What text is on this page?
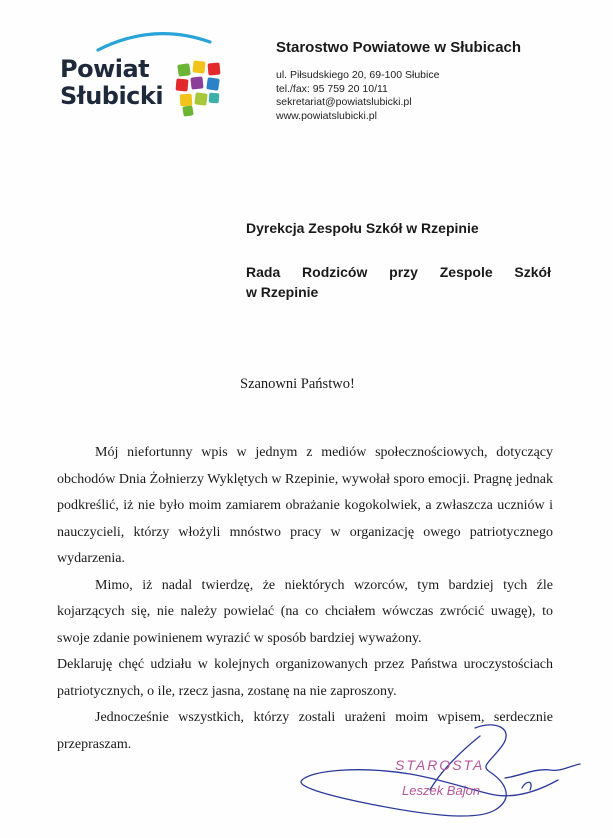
Powiat
Słubicki
Starostwo Powiatowe w Słubicach
ul. Piłsudskiego 20, 69-100 Słubice
tel./fax: 95 759 20 10/11
sekretariat@powiatslubicki.pl
www.powiatslubicki.pl
Dyrekcja Zespołu Szkół w Rzepinie
Rada Rodziców przy Zespole Szkół
w Rzepinie
Szanowni Państwo!

Mój niefortunny wpis w jednym z mediów społecznościowych, dotyczący obchodów Dnia Żołnierzy Wyklętych w Rzepinie, wywołał sporo emocji. Pragnę jednak podkreślić, iż nie było moim zamiarem obrażanie kogokolwiek, a zwłaszcza uczniów i nauczycieli, którzy włożyli mnóstwo pracy w organizację owego patriotycznego wydarzenia.

Mimo, iż nadal twierdzę, że niektórych wzorców, tym bardziej tych źle kojarzących się, nie należy powielać (na co chciałem wówczas zwrócić uwagę), to swoje zdanie powinienem wyrazić w sposób bardziej wyważony.

Deklaruję chęć udziału w kolejnych organizowanych przez Państwa uroczystościach patriotycznych, o ile, rzecz jasna, zostanę na nie zaproszony.

Jednocześnie wszystkich, którzy zostali urażeni moim wpisem, serdecznie przepraszam.

STAROSTA
Leszek Bajon
